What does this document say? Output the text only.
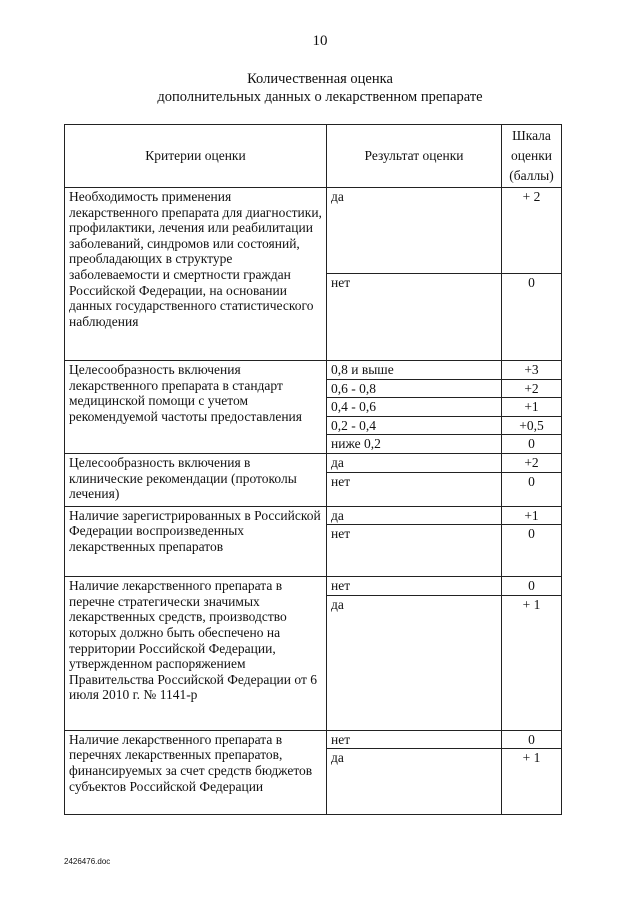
10
Количественная оценка
дополнительных данных о лекарственном препарате
Критерии оценки	Результат оценки	Шкала
оценки
(баллы)

Необходимость применения лекарственного препарата для диагностики, профилактики, лечения или реабилитации заболеваний, синдромов или состояний, преобладающих в структуре заболеваемости и смертности граждан Российской Федерации, на основании данных государственного статистического наблюдения	да	+ 2
	нет	0
Целесообразность включения лекарственного препарата в стандарт медицинской помощи с учетом рекомендуемой частоты предоставления	0,8 и выше	+3
	0,6 - 0,8	+2
	0,4 - 0,6	+1
	0,2 - 0,4	+0,5
	ниже 0,2	0
Целесообразность включения в клинические рекомендации (протоколы лечения)	да	+2
	нет	0
Наличие зарегистрированных в Российской Федерации воспроизведенных лекарственных препаратов	да	+1
	нет	0
Наличие лекарственного препарата в перечне стратегически значимых лекарственных средств, производство которых должно быть обеспечено на территории Российской Федерации, утвержденном распоряжением Правительства Российской Федерации от 6 июля 2010 г. № 1141-р	нет	0
	да	+ 1
Наличие лекарственного препарата в перечнях лекарственных препаратов, финансируемых за счет средств бюджетов субъектов Российской Федерации	нет	0
	да	+ 1
2426476.doc
